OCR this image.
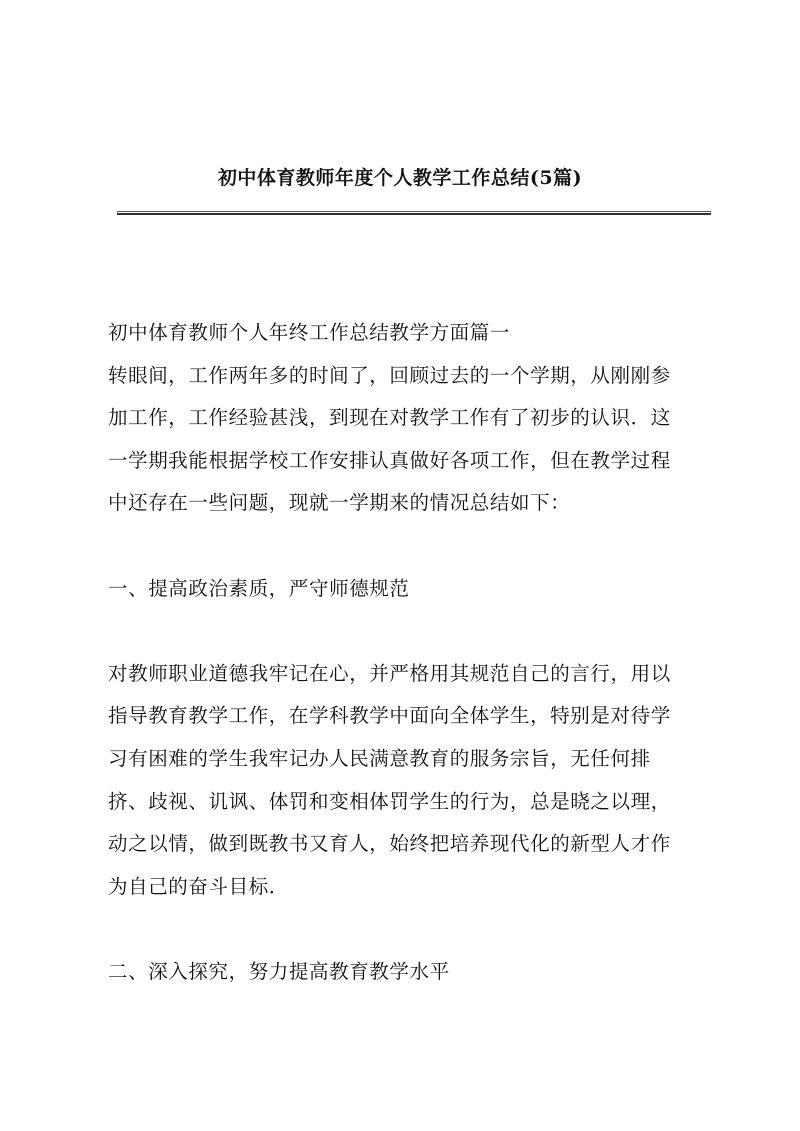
初中体育教师年度个人教学工作总结(5篇)
初中体育教师个人年终工作总结教学方面篇一
转眼间，工作两年多的时间了，回顾过去的一个学期，从刚刚参
加工作，工作经验甚浅，到现在对教学工作有了初步的认识．这
一学期我能根据学校工作安排认真做好各项工作，但在教学过程
中还存在一些问题，现就一学期来的情况总结如下：
一、提高政治素质，严守师德规范
对教师职业道德我牢记在心，并严格用其规范自己的言行，用以
指导教育教学工作，在学科教学中面向全体学生，特别是对待学
习有困难的学生我牢记办人民满意教育的服务宗旨，无任何排
挤、歧视、讥讽、体罚和变相体罚学生的行为，总是晓之以理，
动之以情，做到既教书又育人，始终把培养现代化的新型人才作
为自己的奋斗目标．
二、深入探究，努力提高教育教学水平
